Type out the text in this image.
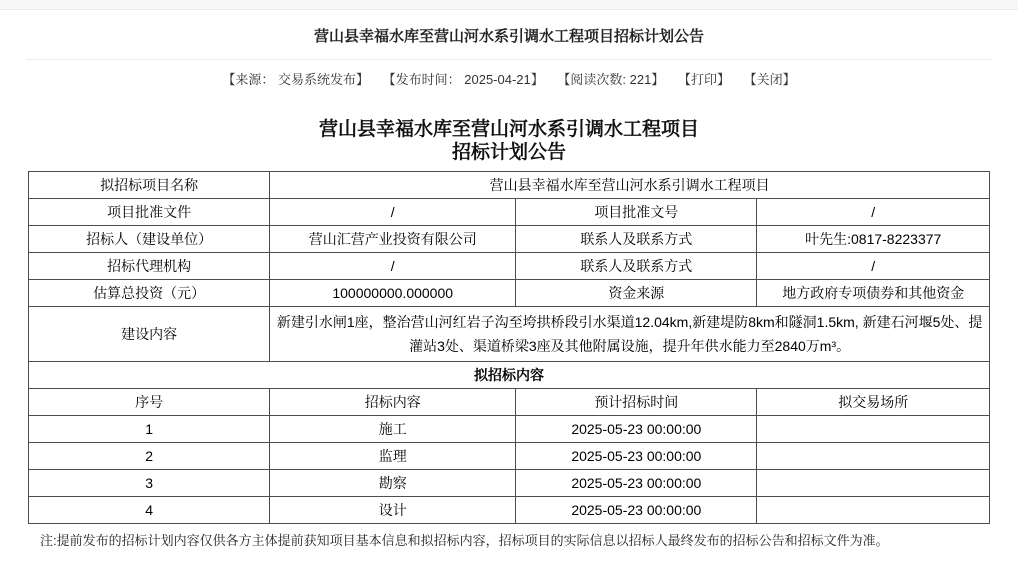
营山县幸福水库至营山河水系引调水工程项目招标计划公告
【来源： 交易系统发布】 【发布时间： 2025-04-21】 【阅读次数: 221】 【打印】 【关闭】
营山县幸福水库至营山河水系引调水工程项目
招标计划公告
拟招标项目名称	营山县幸福水库至营山河水系引调水工程项目		
项目批准文件	/	项目批准文号	/
招标人（建设单位）	营山汇营产业投资有限公司	联系人及联系方式	叶先生:0817-8223377
招标代理机构	/	联系人及联系方式	/
估算总投资（元）	100000000.000000	资金来源	地方政府专项债券和其他资金
建设内容	新建引水闸1座，整治营山河红岩子沟至垮拱桥段引水渠道12.04km,新建堤防8km和隧洞1.5km, 新建石河堰5处、提灌站3处、渠道桥梁3座及其他附属设施，提升年供水能力至2840万m³。		
拟招标内容			
序号	招标内容	预计招标时间	拟交易场所
1	施工	2025-05-23 00:00:00	
2	监理	2025-05-23 00:00:00	
3	勘察	2025-05-23 00:00:00	
4	设计	2025-05-23 00:00:00	
注:提前发布的招标计划内容仅供各方主体提前获知项目基本信息和拟招标内容，招标项目的实际信息以招标人最终发布的招标公告和招标文件为准。
